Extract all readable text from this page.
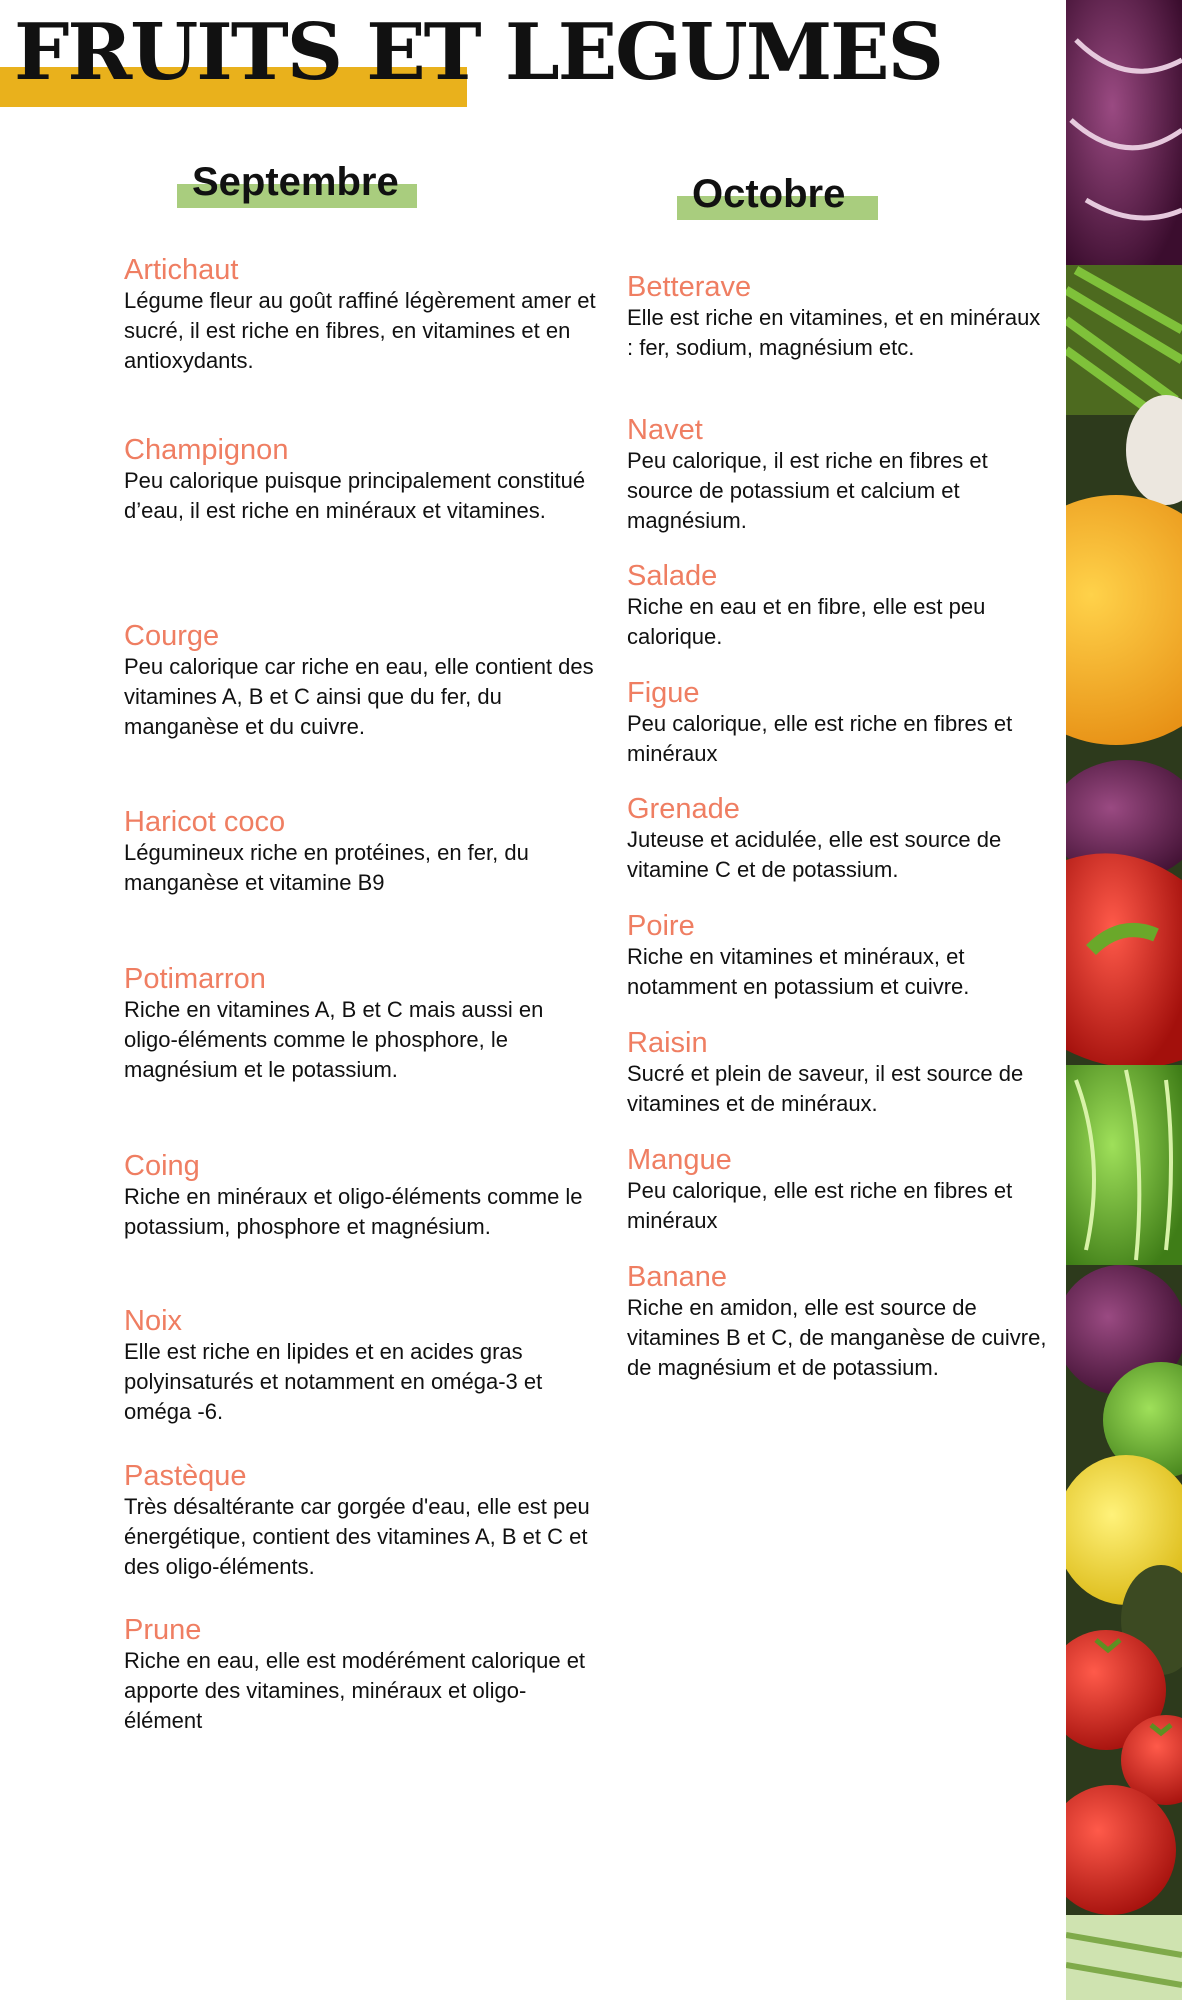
FRUITS ET LEGUMES
Septembre	Octobre
Artichaut
Légume fleur au goût raffiné légèrement amer et sucré, il est riche en fibres, en vitamines et en antioxydants.
Champignon
Peu calorique puisque principalement constitué d’eau, il est riche en minéraux et vitamines.
Courge
Peu calorique car riche en eau, elle contient des vitamines A, B et C ainsi que du fer, du manganèse et du cuivre.
Haricot coco
Légumineux riche en protéines, en fer, du manganèse et vitamine B9
Potimarron
Riche en vitamines A, B et C mais aussi en oligo-éléments comme le phosphore, le magnésium et le potassium.
Coing
Riche en minéraux et oligo-éléments comme le potassium, phosphore et magnésium.
Noix
Elle est riche en lipides et en acides gras polyinsaturés et notamment en oméga-3 et oméga -6.
Pastèque
Très désaltérante car gorgée d'eau, elle est peu énergétique, contient des vitamines A, B et C et des oligo-éléments.
Prune
Riche en eau, elle est modérément calorique et apporte des vitamines, minéraux et oligo-élément
Betterave
Elle est riche en vitamines, et en minéraux : fer, sodium, magnésium etc.
Navet
Peu calorique, il est riche en fibres et source de potassium et calcium et magnésium.
Salade
Riche en eau et en fibre, elle est peu calorique.
Figue
Peu calorique, elle est riche en fibres et minéraux
Grenade
Juteuse et acidulée, elle est source de vitamine C et de potassium.
Poire
Riche en vitamines et minéraux, et notamment en potassium et cuivre.
Raisin
Sucré et plein de saveur, il est source de vitamines et de minéraux.
Mangue
Peu calorique, elle est riche en fibres et minéraux
Banane
Riche en amidon, elle est source de vitamines B et C, de manganèse de cuivre, de magnésium et de potassium.
